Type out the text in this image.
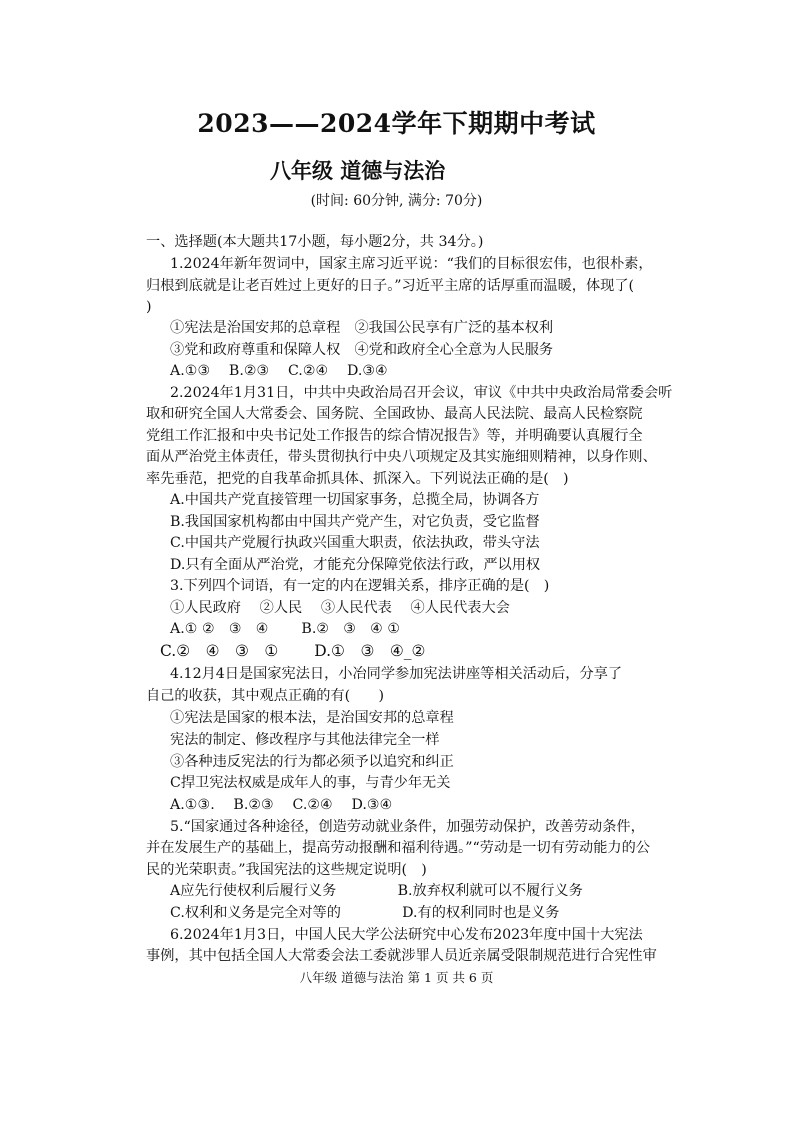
2023——2024学年下期期中考试
八年级 道德与法治
(时间: 60分钟, 满分: 70分)
一、选择题(本大题共17小题，每小题2分，共 34分。)
1.2024年新年贺词中，国家主席习近平说：“我们的目标很宏伟，也很朴素，
归根到底就是让老百姓过上更好的日子。”习近平主席的话厚重而温暖，体现了(
)
①宪法是治国安邦的总章程　②我国公民享有广泛的基本权利
③党和政府尊重和保障人权　④党和政府全心全意为人民服务
A.①③　 B.②③　 C.②④　 D.③④
2.2024年1月31日，中共中央政治局召开会议，审议《中共中央政治局常委会听
取和研究全国人大常委会、国务院、全国政协、最高人民法院、最高人民检察院
党组工作汇报和中央书记处工作报告的综合情况报告》等，并明确要认真履行全
面从严治党主体责任，带头贯彻执行中央八项规定及其实施细则精神，以身作则、
率先垂范，把党的自我革命抓具体、抓深入。下列说法正确的是(　)
A.中国共产党直接管理一切国家事务，总揽全局，协调各方
B.我国国家机构都由中国共产党产生，对它负责，受它监督
C.中国共产党履行执政兴国重大职责，依法执政，带头守法
D.只有全面从严治党，才能充分保障党依法行政，严以用权
3.下列四个词语，有一定的内在逻辑关系，排序正确的是(　)
①人民政府　 ②人民　 ③人民代表　 ④人民代表大会
A.① ②　③　④　　 B.②　③　④ ①
C.②　④　③　①　　 D.①　③　④_②
4.12月4日是国家宪法日，小冶同学参加宪法讲座等相关活动后，分享了
自己的收获，其中观点正确的有(　　)
①宪法是国家的根本法，是治国安邦的总章程
宪法的制定、修改程序与其他法律完全一样
③各种违反宪法的行为都必须予以追究和纠正
C捍卫宪法权威是成年人的事，与青少年无关
A.①③.　 B.②③　 C.②④　 D.③④
5.“国家通过各种途径，创造劳动就业条件，加强劳动保护，改善劳动条件，
并在发展生产的基础上，提高劳动报酬和福利待遇。”“劳动是一切有劳动能力的公
民的光荣职责。”我国宪法的这些规定说明(　)
A应先行使权利后履行义务　　　　 B.放弃权利就可以不履行义务
C.权利和义务是完全对等的　　　　 D.有的权利同时也是义务
6.2024年1月3日，中国人民大学公法研究中心发布2023年度中国十大宪法
事例，其中包括全国人大常委会法工委就涉罪人员近亲属受限制规范进行合宪性审
八年级 道德与法治 第 1 页 共 6 页
